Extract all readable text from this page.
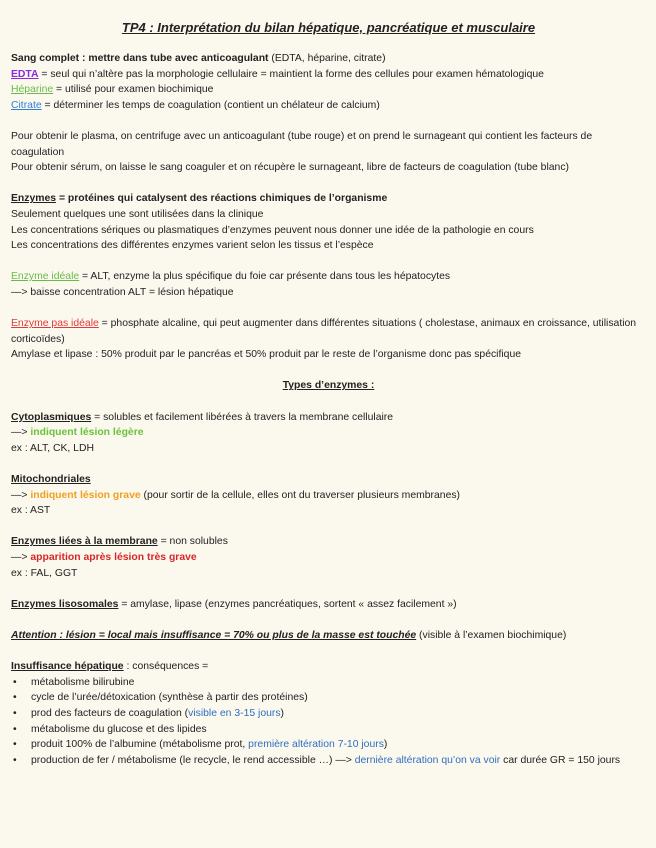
TP4 : Interprétation du bilan hépatique, pancréatique et musculaire

Sang complet : mettre dans tube avec anticoagulant (EDTA, héparine, citrate)

EDTA = seul qui n’altère pas la morphologie cellulaire = maintient la forme des cellules pour examen hématologique

Héparine = utilisé pour examen biochimique

Citrate = déterminer les temps de coagulation (contient un chélateur de calcium)

Pour obtenir le plasma, on centrifuge avec un anticoagulant (tube rouge) et on prend le surnageant qui contient les facteurs de coagulation

Pour obtenir sérum, on laisse le sang coaguler et on récupère le surnageant, libre de facteurs de coagulation (tube blanc)

Enzymes = protéines qui catalysent des réactions chimiques de l’organisme

Seulement quelques une sont utilisées dans la clinique

Les concentrations sériques ou plasmatiques d’enzymes peuvent nous donner une idée de la pathologie en cours

Les concentrations des différentes enzymes varient selon les tissus et l’espèce

Enzyme idéale = ALT, enzyme la plus spécifique du foie car présente dans tous les hépatocytes

—> baisse concentration ALT = lésion hépatique

Enzyme pas idéale = phosphate alcaline, qui peut augmenter dans différentes situations ( cholestase, animaux en croissance, utilisation corticoïdes)

Amylase et lipase : 50% produit par le pancréas et 50% produit par le reste de l’organisme donc pas spécifique

Types d’enzymes :

Cytoplasmiques = solubles et facilement libérées à travers la membrane cellulaire

—> indiquent lésion légère

ex : ALT, CK, LDH

Mitochondriales

—> indiquent lésion grave (pour sortir de la cellule, elles ont du traverser plusieurs membranes)

ex : AST

Enzymes liées à la membrane = non solubles

—> apparition après lésion très grave

ex : FAL, GGT

Enzymes lisosomales = amylase, lipase (enzymes pancréatiques, sortent « assez facilement »)

Attention : lésion = local mais insuffisance = 70% ou plus de la masse est touchée (visible à l’examen biochimique)

Insuffisance hépatique : conséquences =

• métabolisme bilirubine
• cycle de l’urée/détoxication (synthèse à partir des protéines)
• prod des facteurs de coagulation (visible en 3-15 jours)
• métabolisme du glucose et des lipides
• produit 100% de l’albumine (métabolisme prot, première altération 7-10 jours)
• production de fer / métabolisme (le recycle, le rend accessible …) —> dernière altération qu’on va voir car durée GR = 150 jours
